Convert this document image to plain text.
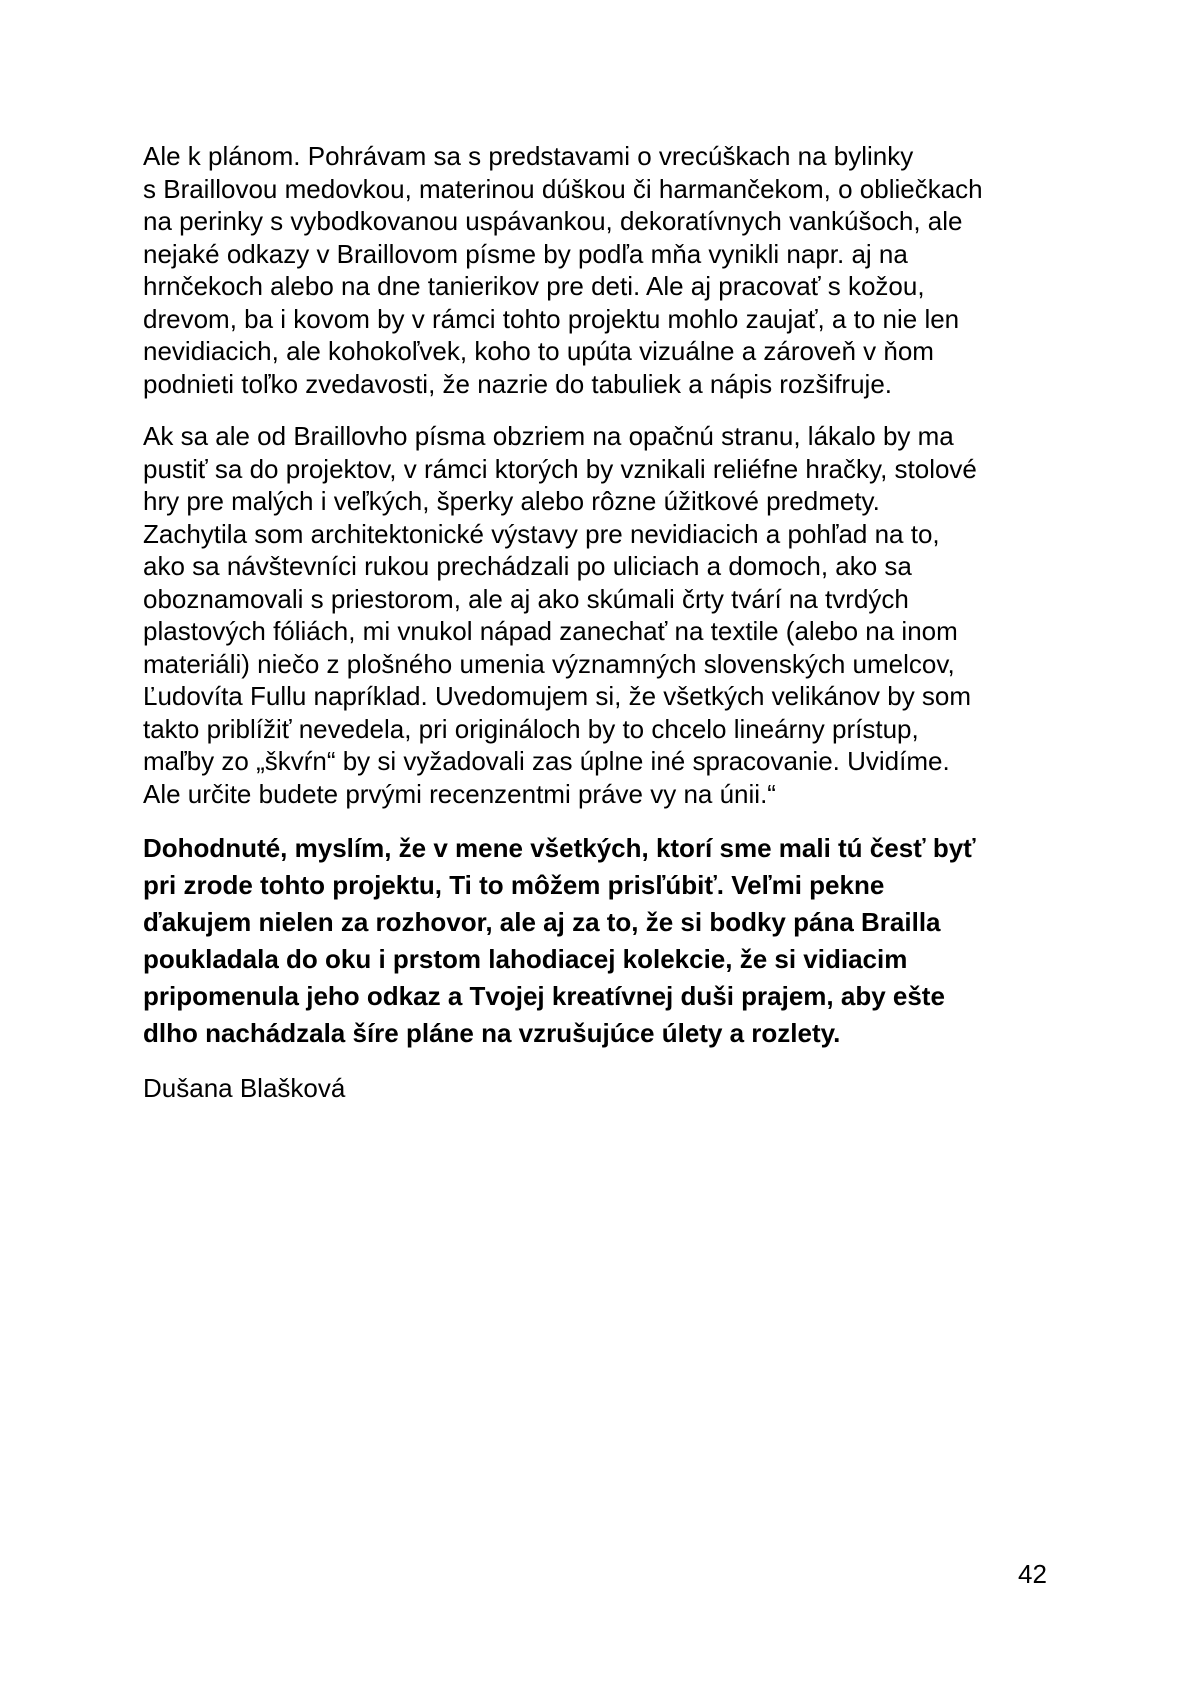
Ale k plánom. Pohrávam sa s predstavami o vrecúškach na bylinky
s Braillovou medovkou, materinou dúškou či harmančekom, o obliečkach
na perinky s vybodkovanou uspávankou, dekoratívnych vankúšoch, ale
nejaké odkazy v Braillovom písme by podľa mňa vynikli napr. aj na
hrnčekoch alebo na dne tanierikov pre deti. Ale aj pracovať s kožou,
drevom, ba i kovom by v rámci tohto projektu mohlo zaujať, a to nie len
nevidiacich, ale kohokoľvek, koho to upúta vizuálne a zároveň v ňom
podnieti toľko zvedavosti, že nazrie do tabuliek a nápis rozšifruje.
Ak sa ale od Braillovho písma obzriem na opačnú stranu, lákalo by ma
pustiť sa do projektov, v rámci ktorých by vznikali reliéfne hračky, stolové
hry pre malých i veľkých, šperky alebo rôzne úžitkové predmety.
Zachytila som architektonické výstavy pre nevidiacich a pohľad na to,
ako sa návštevníci rukou prechádzali po uliciach a domoch, ako sa
oboznamovali s priestorom, ale aj ako skúmali črty tvárí na tvrdých
plastových fóliách, mi vnukol nápad zanechať na textile (alebo na inom
materiáli) niečo z plošného umenia významných slovenských umelcov,
Ľudovíta Fullu napríklad. Uvedomujem si, že všetkých velikánov by som
takto priblížiť nevedela, pri origináloch by to chcelo lineárny prístup,
maľby zo „škvŕn“ by si vyžadovali zas úplne iné spracovanie. Uvidíme.
Ale určite budete prvými recenzentmi práve vy na únii.“
Dohodnuté, myslím, že v mene všetkých, ktorí sme mali tú česť byť
pri zrode tohto projektu, Ti to môžem prisľúbiť. Veľmi pekne
ďakujem nielen za rozhovor, ale aj za to, že si bodky pána Brailla
poukladala do oku i prstom lahodiacej kolekcie, že si vidiacim
pripomenula jeho odkaz a Tvojej kreatívnej duši prajem, aby ešte
dlho nachádzala šíre pláne na vzrušujúce úlety a rozlety.
Dušana Blašková
42
